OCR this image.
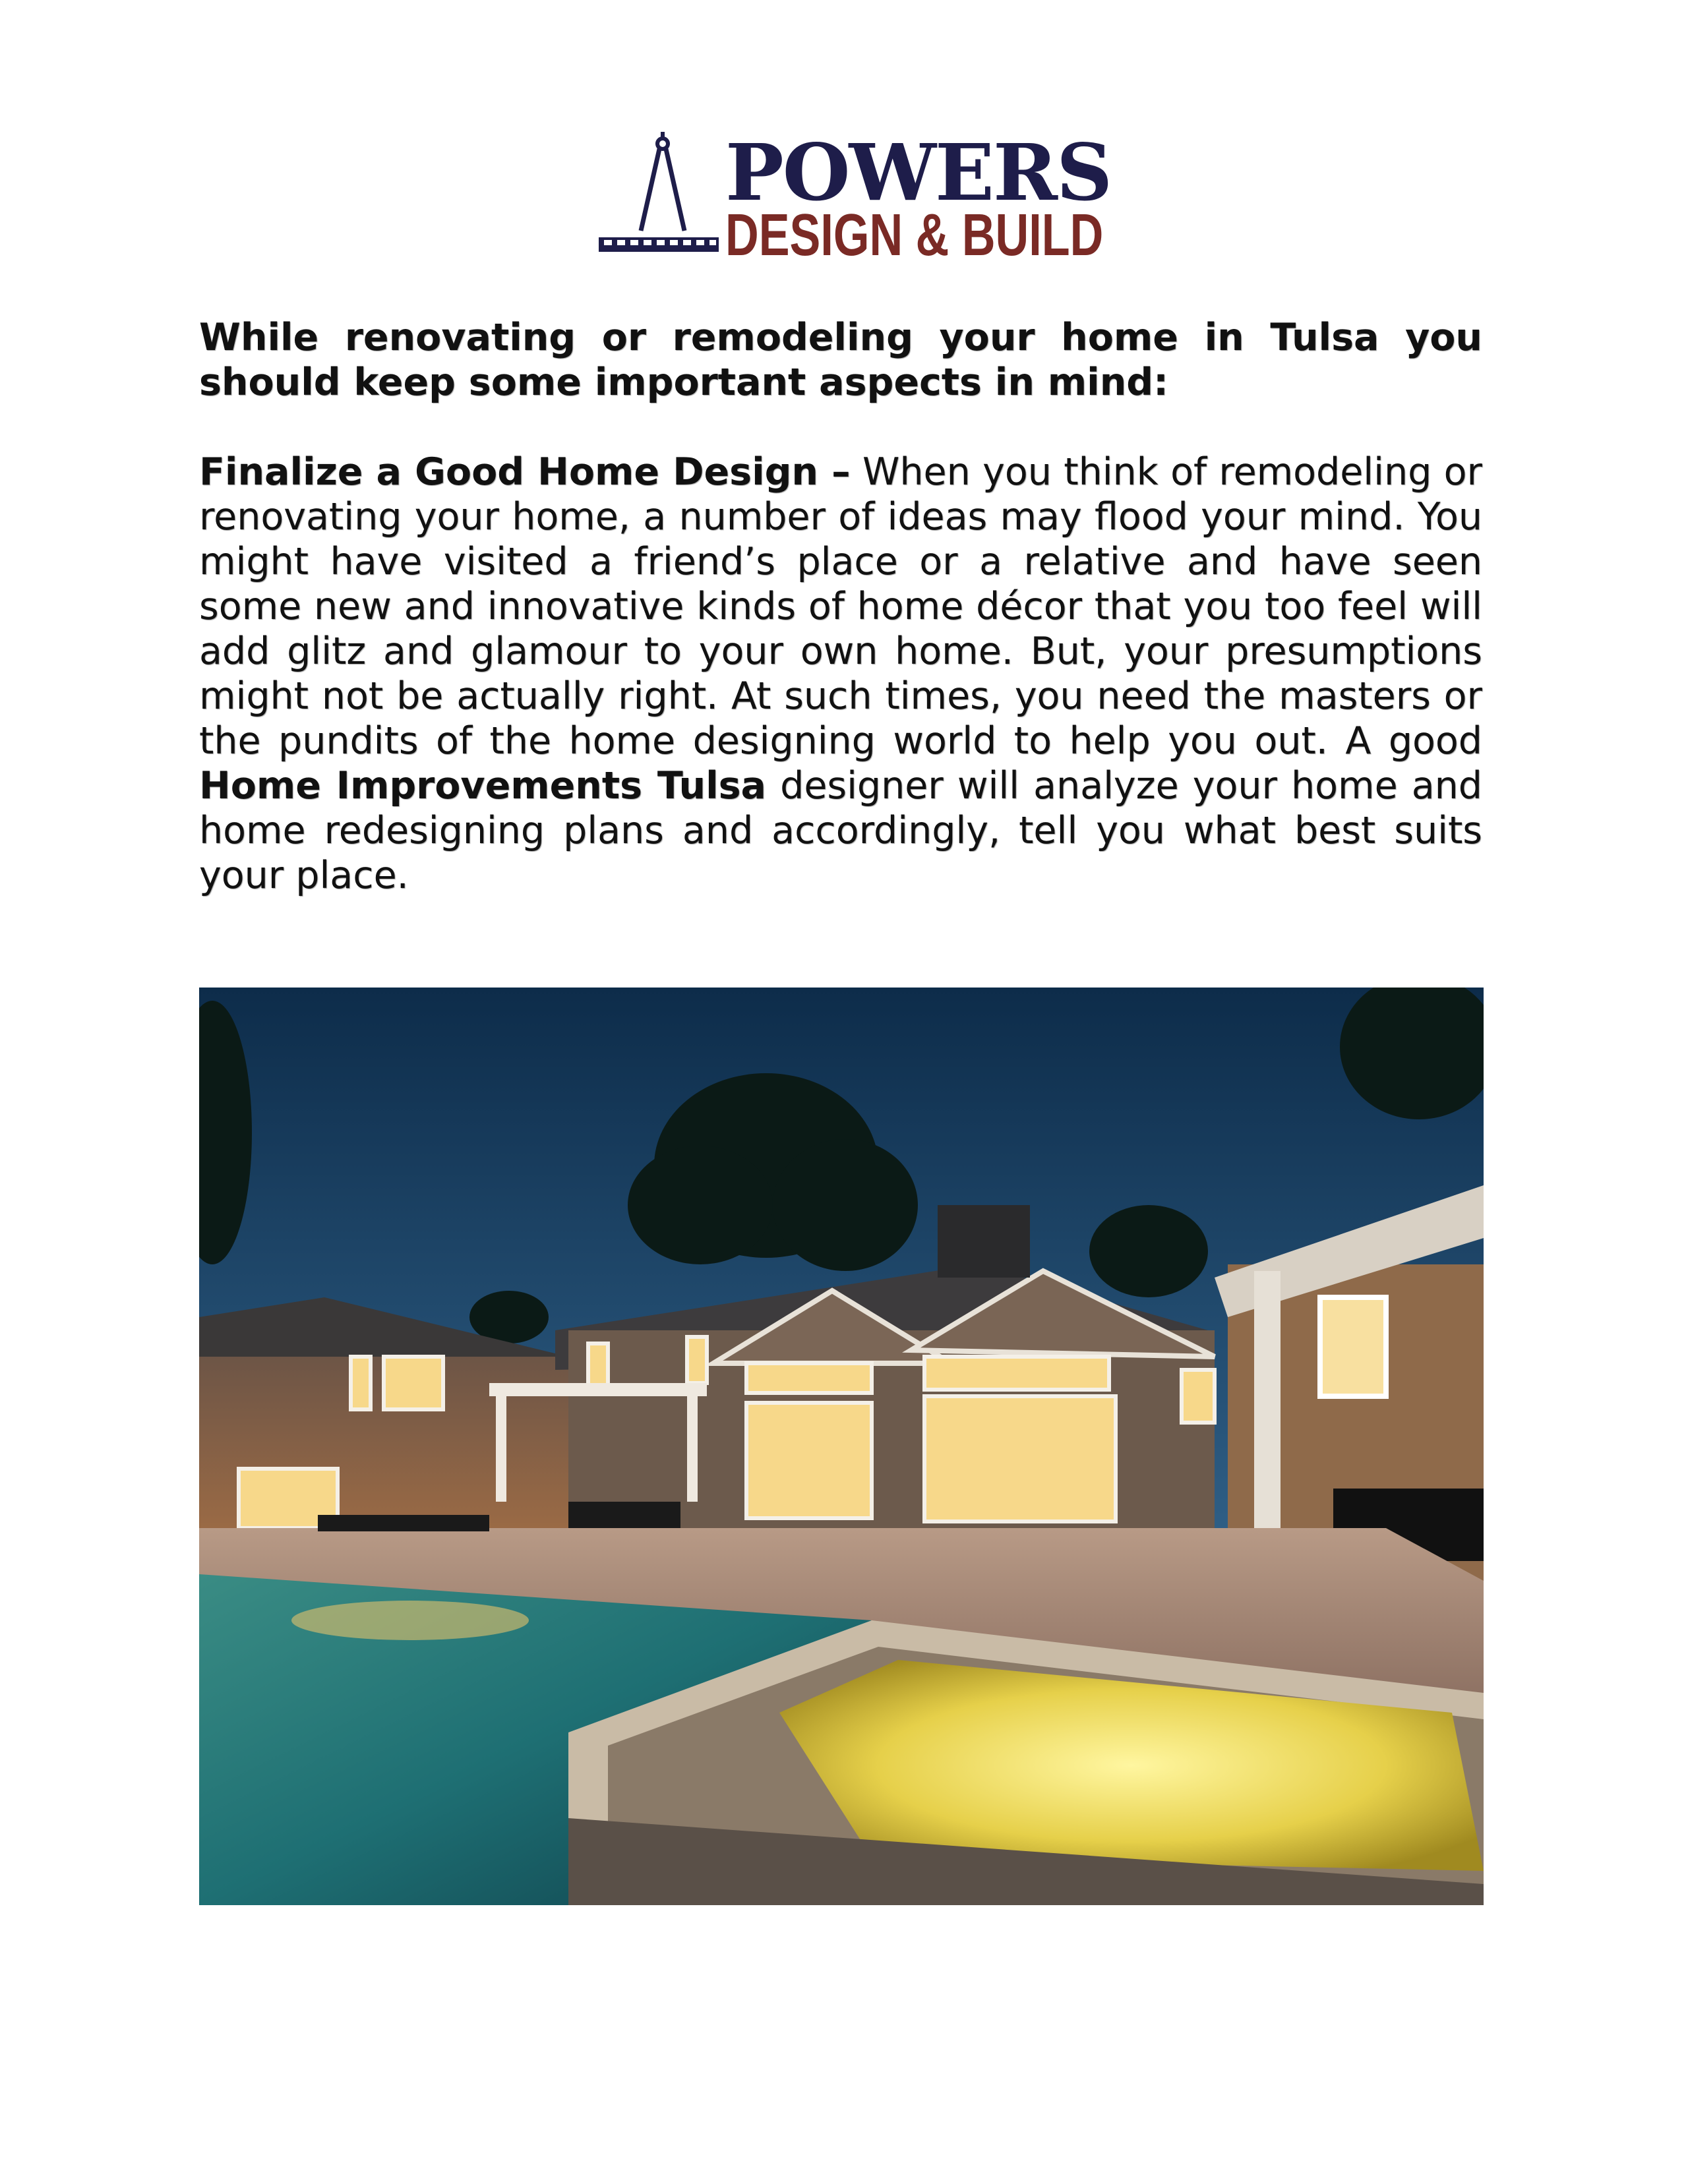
POWERS
DESIGN & BUILD

While renovating or remodeling your home in Tulsa you should keep some important aspects in mind:

Finalize a Good Home Design – When you think of remodeling or renovating your home, a number of ideas may flood your mind. You might have visited a friend’s place or a relative and have seen some new and innovative kinds of home décor that you too feel will add glitz and glamour to your own home. But, your presumptions might not be actually right. At such times, you need the masters or the pundits of the home designing world to help you out. A good Home Improvements Tulsa designer will analyze your home and home redesigning plans and accordingly, tell you what best suits your place.
